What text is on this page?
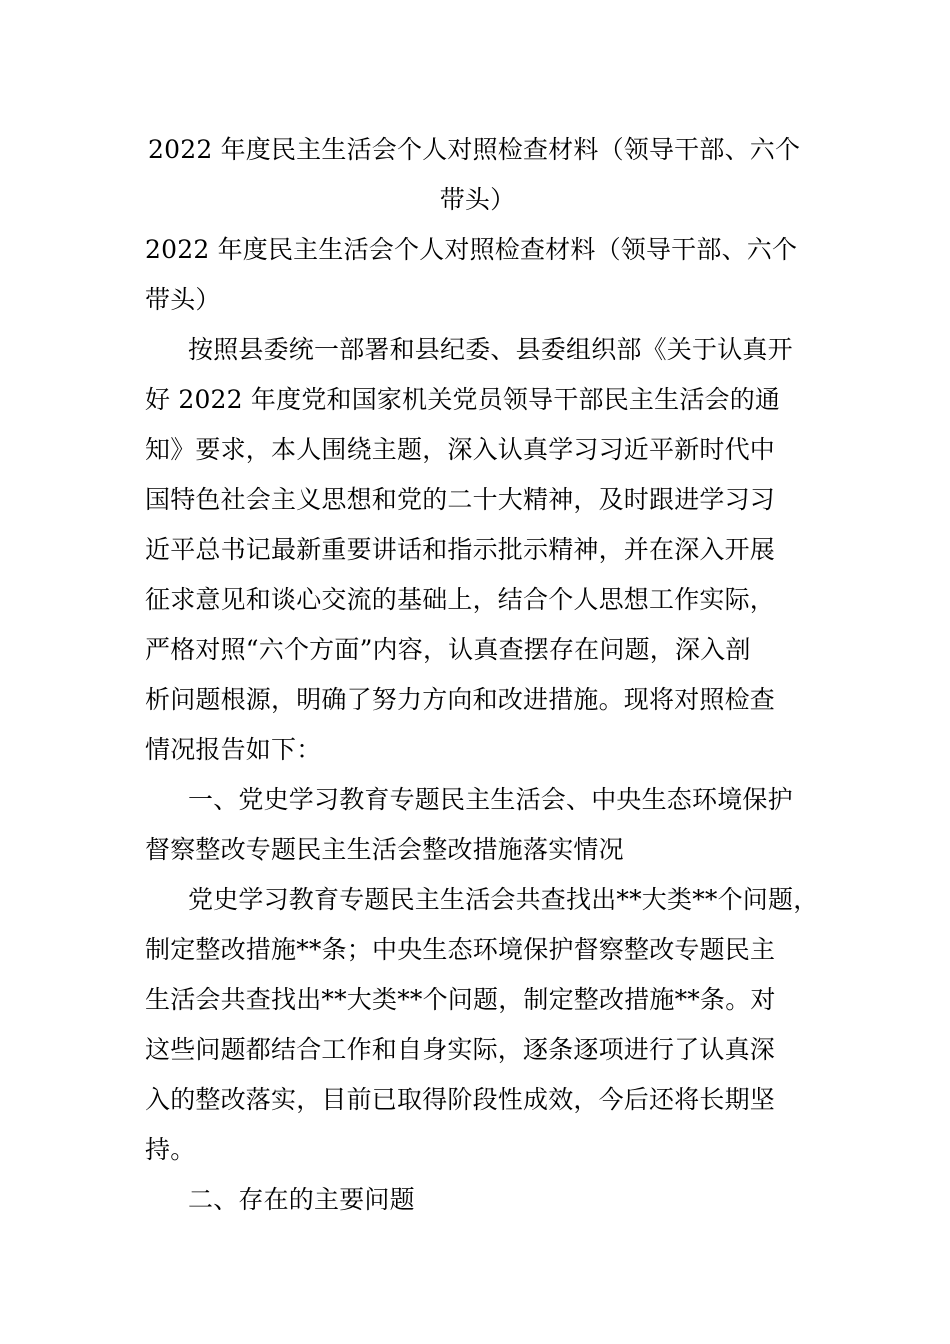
2022 年度民主生活会个人对照检查材料（领导干部、六个
带头）
2022 年度民主生活会个人对照检查材料（领导干部、六个
带头）
按照县委统一部署和县纪委、县委组织部《关于认真开
好 2022 年度党和国家机关党员领导干部民主生活会的通
知》要求，本人围绕主题，深入认真学习习近平新时代中
国特色社会主义思想和党的二十大精神，及时跟进学习习
近平总书记最新重要讲话和指示批示精神，并在深入开展
征求意见和谈心交流的基础上，结合个人思想工作实际，
严格对照“六个方面”内容，认真查摆存在问题，深入剖
析问题根源，明确了努力方向和改进措施。现将对照检查
情况报告如下：
一、党史学习教育专题民主生活会、中央生态环境保护
督察整改专题民主生活会整改措施落实情况
党史学习教育专题民主生活会共查找出**大类**个问题，
制定整改措施**条；中央生态环境保护督察整改专题民主
生活会共查找出**大类**个问题，制定整改措施**条。对
这些问题都结合工作和自身实际，逐条逐项进行了认真深
入的整改落实，目前已取得阶段性成效，今后还将长期坚
持。
二、存在的主要问题
